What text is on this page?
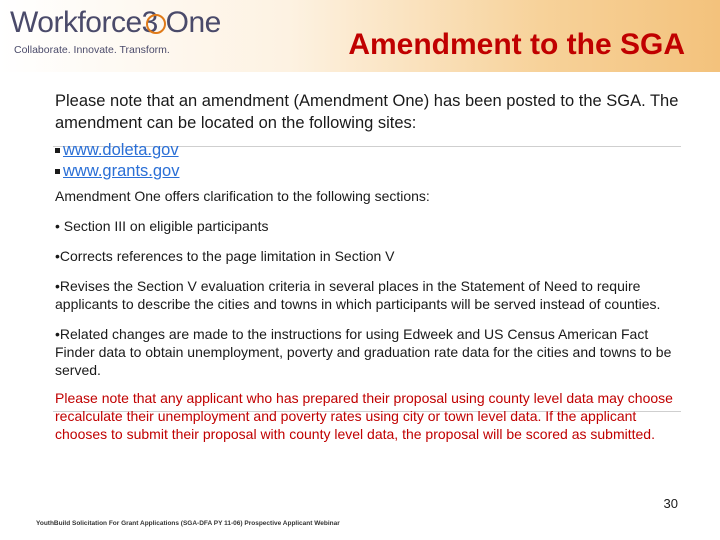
Workforce3 One
Collaborate. Innovate. Transform.	Amendment to the SGA

Please note that an amendment (Amendment One) has been posted to the SGA. The amendment can be located on the following sites:

www.doleta.gov

www.grants.gov

Amendment One offers clarification to the following sections:

• Section III on eligible participants

•Corrects references to the page limitation in Section V

•Revises the Section V evaluation criteria in several places in the Statement of Need to require applicants to describe the cities and towns in which participants will be served instead of counties.

•Related changes are made to the instructions for using Edweek and US Census American Fact Finder data to obtain unemployment, poverty and graduation rate data for the cities and towns to be served.

Please note that any applicant who has prepared their proposal using county level data may choose recalculate their unemployment and poverty rates using city or town level data. If the applicant chooses to submit their proposal with county level data, the proposal will be scored as submitted.

30
YouthBuild Solicitation For Grant Applications (SGA-DFA PY 11-06) Prospective Applicant Webinar
